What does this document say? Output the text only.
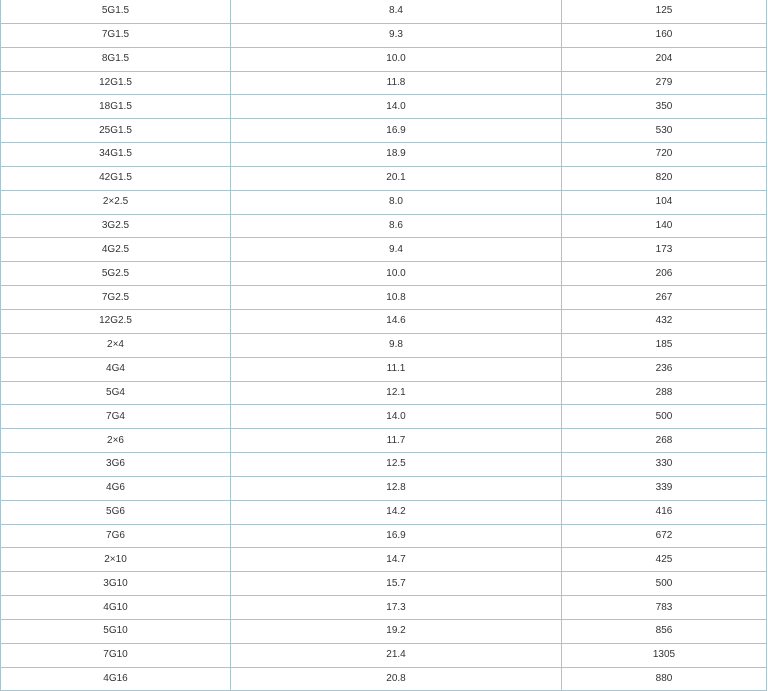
5G1.5	8.4	125
7G1.5	9.3	160
8G1.5	10.0	204
12G1.5	11.8	279
18G1.5	14.0	350
25G1.5	16.9	530
34G1.5	18.9	720
42G1.5	20.1	820
2×2.5	8.0	104
3G2.5	8.6	140
4G2.5	9.4	173
5G2.5	10.0	206
7G2.5	10.8	267
12G2.5	14.6	432
2×4	9.8	185
4G4	11.1	236
5G4	12.1	288
7G4	14.0	500
2×6	11.7	268
3G6	12.5	330
4G6	12.8	339
5G6	14.2	416
7G6	16.9	672
2×10	14.7	425
3G10	15.7	500
4G10	17.3	783
5G10	19.2	856
7G10	21.4	1305
4G16	20.8	880
